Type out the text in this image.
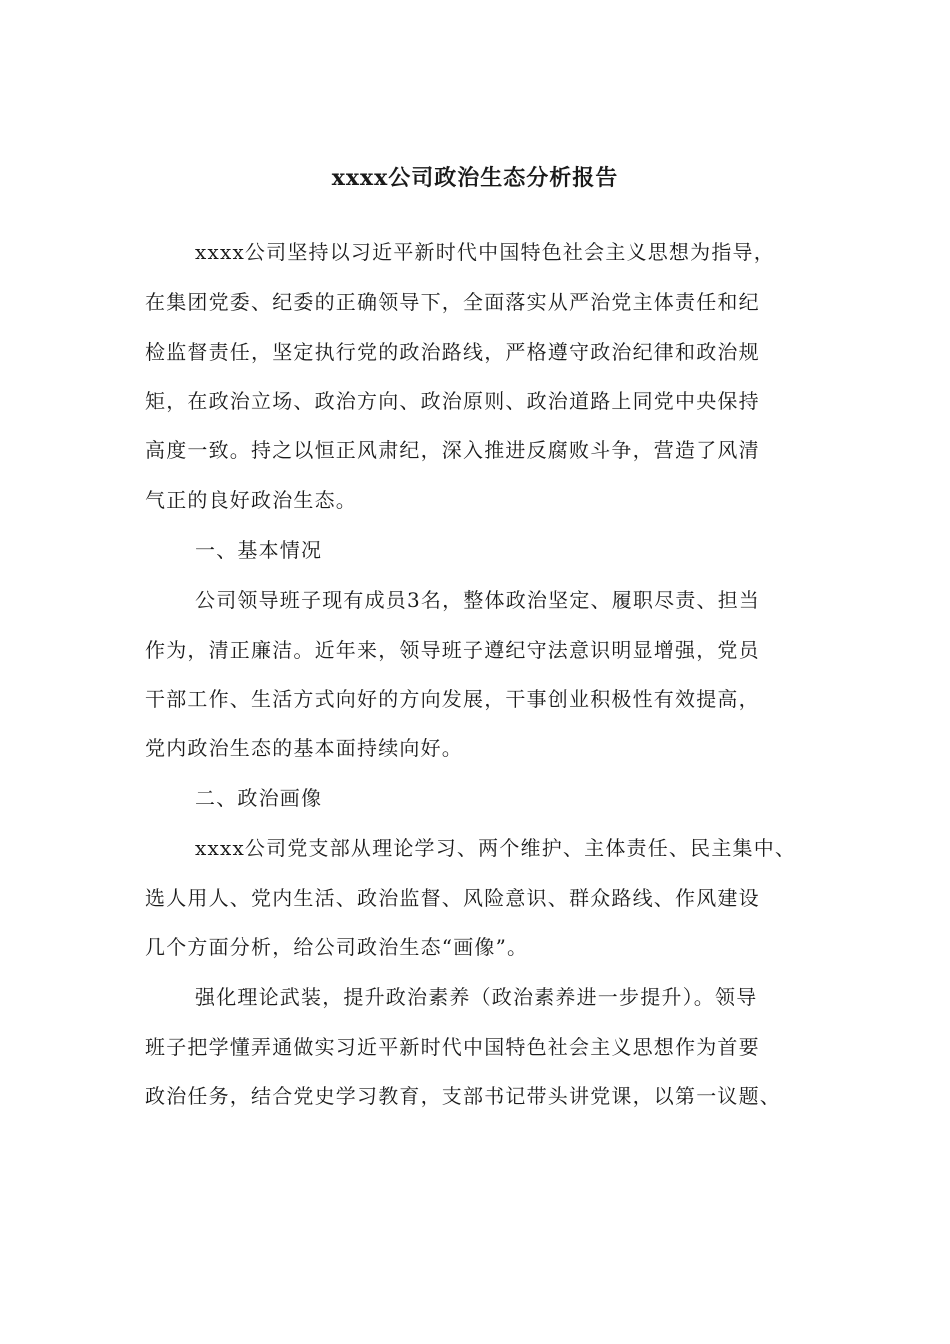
xxxx公司政治生态分析报告
xxxx公司坚持以习近平新时代中国特色社会主义思想为指导，
在集团党委、纪委的正确领导下，全面落实从严治党主体责任和纪
检监督责任，坚定执行党的政治路线，严格遵守政治纪律和政治规
矩，在政治立场、政治方向、政治原则、政治道路上同党中央保持
高度一致。持之以恒正风肃纪，深入推进反腐败斗争，营造了风清
气正的良好政治生态。
一、基本情况
公司领导班子现有成员3名，整体政治坚定、履职尽责、担当
作为，清正廉洁。近年来，领导班子遵纪守法意识明显增强，党员
干部工作、生活方式向好的方向发展，干事创业积极性有效提高，
党内政治生态的基本面持续向好。
二、政治画像
xxxx公司党支部从理论学习、两个维护、主体责任、民主集中、
选人用人、党内生活、政治监督、风险意识、群众路线、作风建设
几个方面分析，给公司政治生态“画像”。
强化理论武装，提升政治素养（政治素养进一步提升）。领导
班子把学懂弄通做实习近平新时代中国特色社会主义思想作为首要
政治任务，结合党史学习教育，支部书记带头讲党课，以第一议题、
